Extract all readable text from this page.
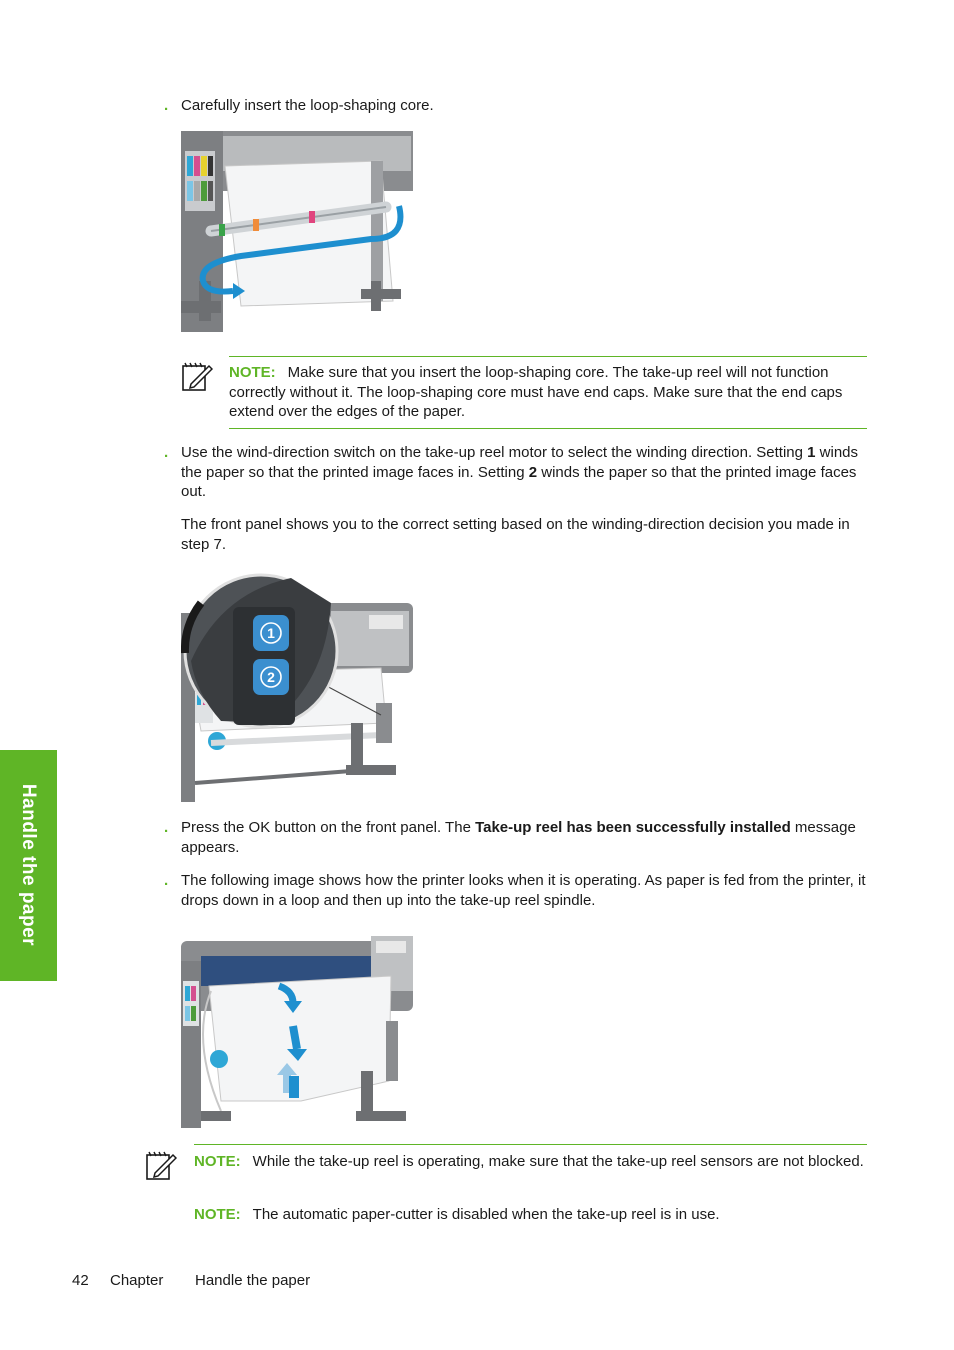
Handle the paper
. Carefully insert the loop-shaping core.
NOTE: Make sure that you insert the loop-shaping core. The take-up reel will not function correctly without it. The loop-shaping core must have end caps. Make sure that the end caps extend over the edges of the paper.
. Use the wind-direction switch on the take-up reel motor to select the winding direction. Setting 1 winds the paper so that the printed image faces in. Setting 2 winds the paper so that the printed image faces out.
The front panel shows you to the correct setting based on the winding-direction decision you made in step 7.
1
2
. Press the OK button on the front panel. The Take-up reel has been successfully installed message appears.
. The following image shows how the printer looks when it is operating. As paper is fed from the printer, it drops down in a loop and then up into the take-up reel spindle.
NOTE: While the take-up reel is operating, make sure that the take-up reel sensors are not blocked.
NOTE: The automatic paper-cutter is disabled when the take-up reel is in use.
42 Chapter Handle the paper
